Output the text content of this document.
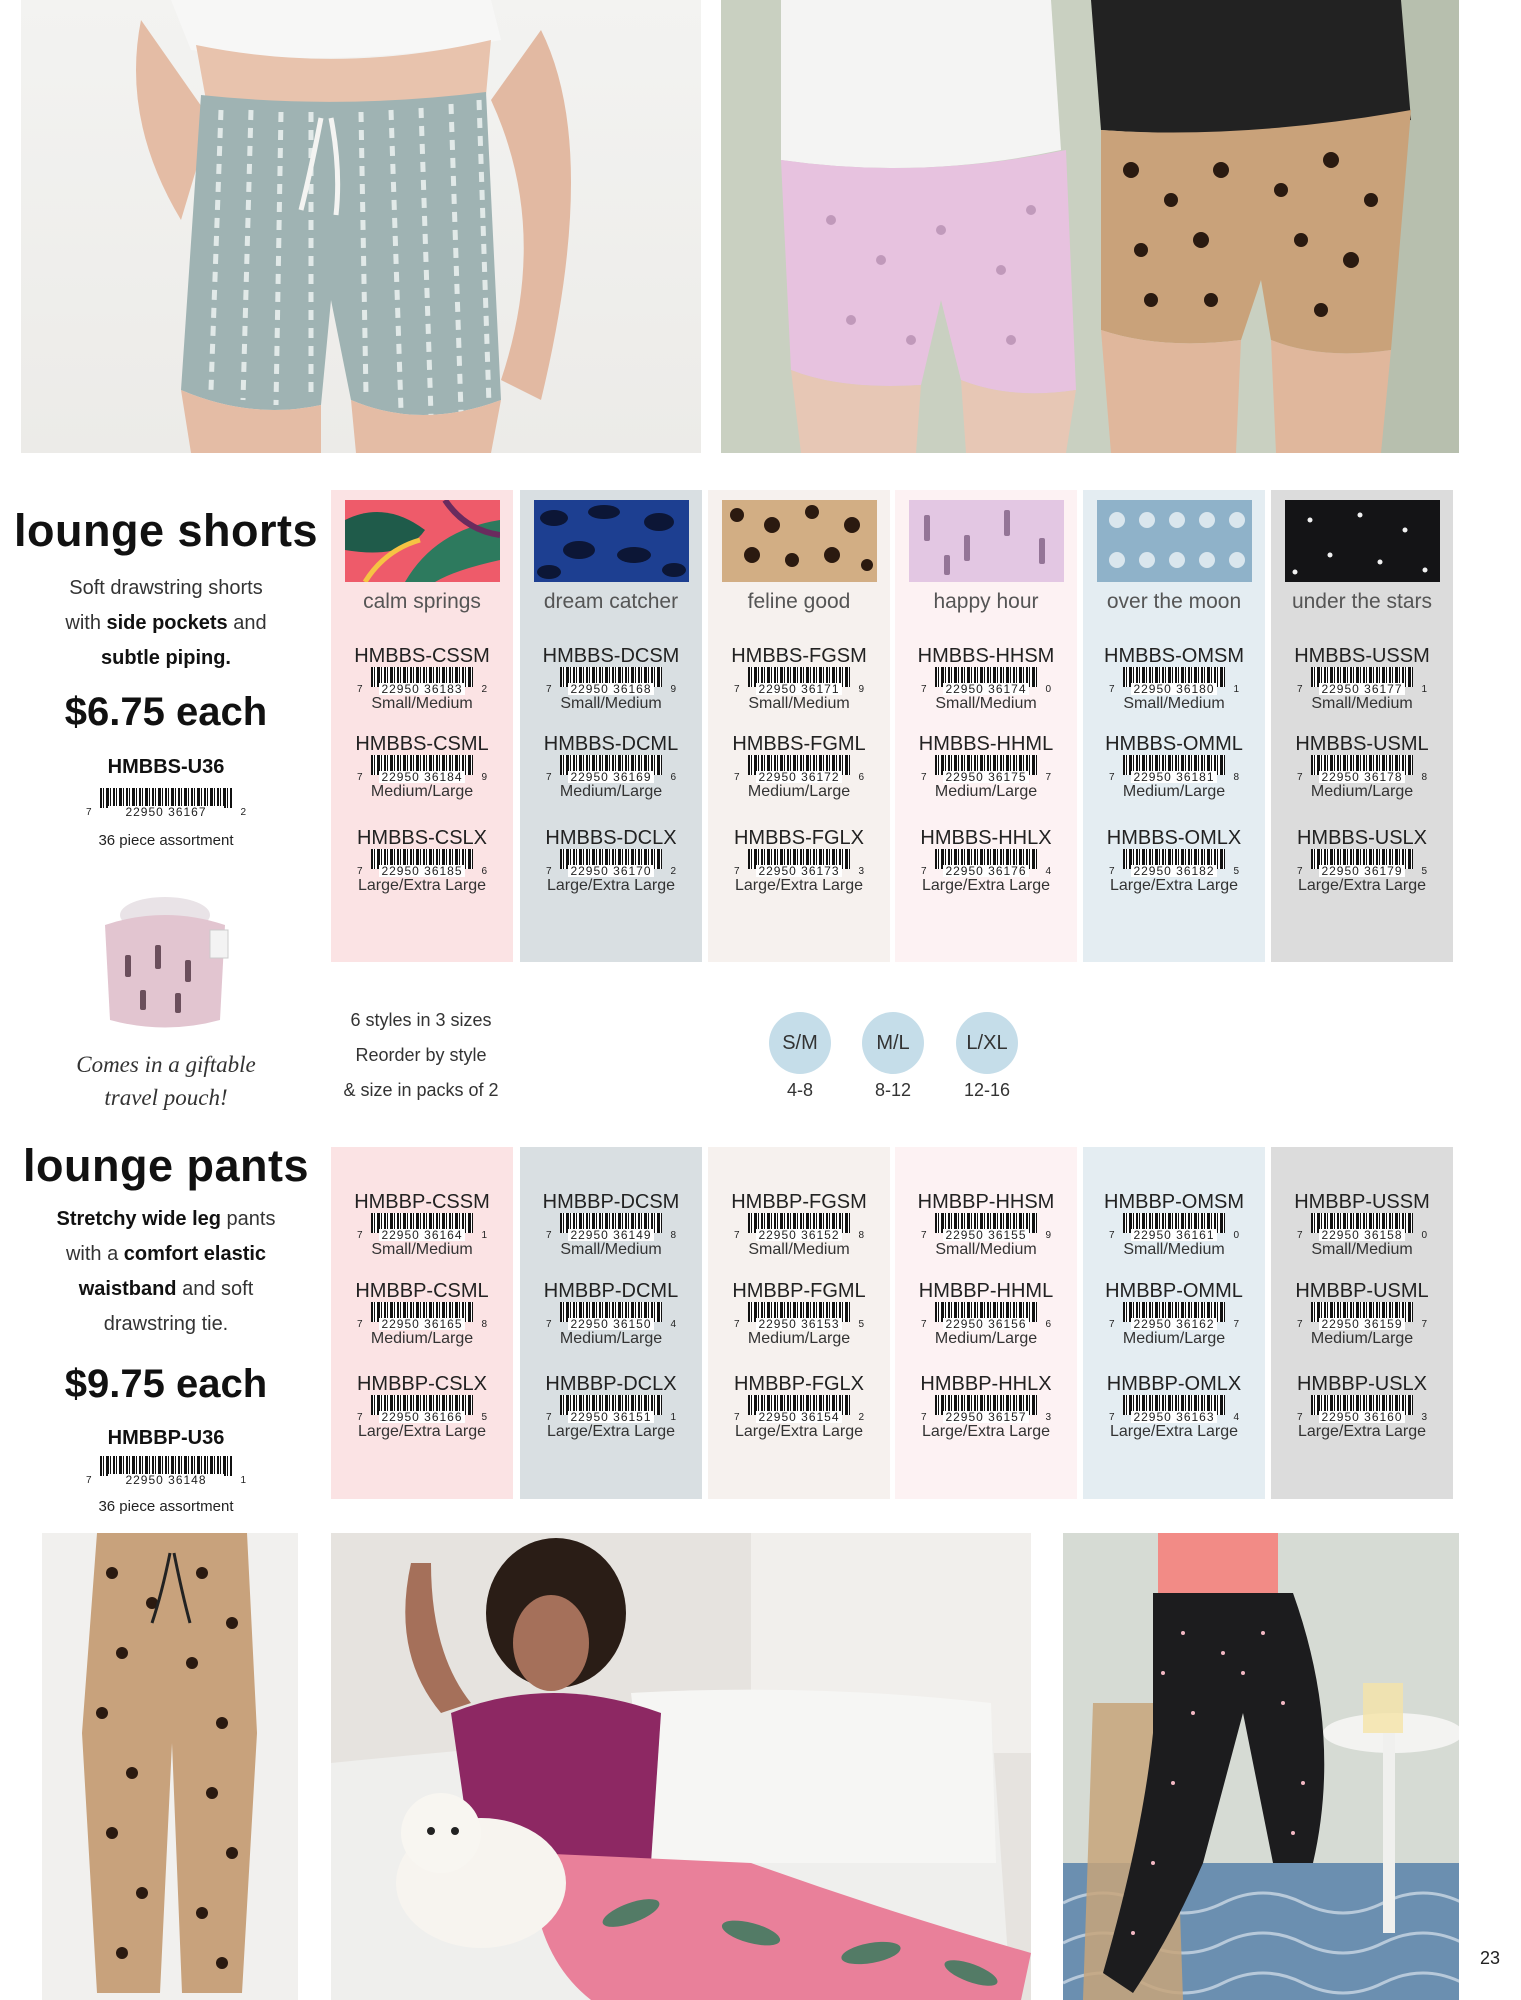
lounge shorts
Soft drawstring shorts
with side pockets and
subtle piping.
$6.75 each
HMBBS-U36
7	22950 36167	2
36 piece assortment
Comes in a giftable
travel pouch!
calm springs
HMBBS-CSSM
7 22950 36183 2
Small/Medium
HMBBS-CSML
7 22950 36184 9
Medium/Large
HMBBS-CSLX
7 22950 36185 6
Large/Extra Large
dream catcher
HMBBS-DCSM
7 22950 36168 9
Small/Medium
HMBBS-DCML
7 22950 36169 6
Medium/Large
HMBBS-DCLX
7 22950 36170 2
Large/Extra Large
feline good
HMBBS-FGSM
7 22950 36171 9
Small/Medium
HMBBS-FGML
7 22950 36172 6
Medium/Large
HMBBS-FGLX
7 22950 36173 3
Large/Extra Large
happy hour
HMBBS-HHSM
7 22950 36174 0
Small/Medium
HMBBS-HHML
7 22950 36175 7
Medium/Large
HMBBS-HHLX
7 22950 36176 4
Large/Extra Large
over the moon
HMBBS-OMSM
7 22950 36180 1
Small/Medium
HMBBS-OMML
7 22950 36181 8
Medium/Large
HMBBS-OMLX
7 22950 36182 5
Large/Extra Large
under the stars
HMBBS-USSM
7 22950 36177 1
Small/Medium
HMBBS-USML
7 22950 36178 8
Medium/Large
HMBBS-USLX
7 22950 36179 5
Large/Extra Large
6 styles in 3 sizes
Reorder by style
& size in packs of 2
S/M	M/L	L/XL
4-8	8-12	12-16
lounge pants
Stretchy wide leg pants
with a comfort elastic
waistband and soft
drawstring tie.
$9.75 each
HMBBP-U36
7	22950 36148	1
36 piece assortment
HMBBP-CSSM
7 22950 36164 1
Small/Medium
HMBBP-CSML
7 22950 36165 8
Medium/Large
HMBBP-CSLX
7 22950 36166 5
Large/Extra Large
HMBBP-DCSM
7 22950 36149 8
Small/Medium
HMBBP-DCML
7 22950 36150 4
Medium/Large
HMBBP-DCLX
7 22950 36151 1
Large/Extra Large
HMBBP-FGSM
7 22950 36152 8
Small/Medium
HMBBP-FGML
7 22950 36153 5
Medium/Large
HMBBP-FGLX
7 22950 36154 2
Large/Extra Large
HMBBP-HHSM
7 22950 36155 9
Small/Medium
HMBBP-HHML
7 22950 36156 6
Medium/Large
HMBBP-HHLX
7 22950 36157 3
Large/Extra Large
HMBBP-OMSM
7 22950 36161 0
Small/Medium
HMBBP-OMML
7 22950 36162 7
Medium/Large
HMBBP-OMLX
7 22950 36163 4
Large/Extra Large
HMBBP-USSM
7 22950 36158 0
Small/Medium
HMBBP-USML
7 22950 36159 7
Medium/Large
HMBBP-USLX
7 22950 36160 3
Large/Extra Large
23
